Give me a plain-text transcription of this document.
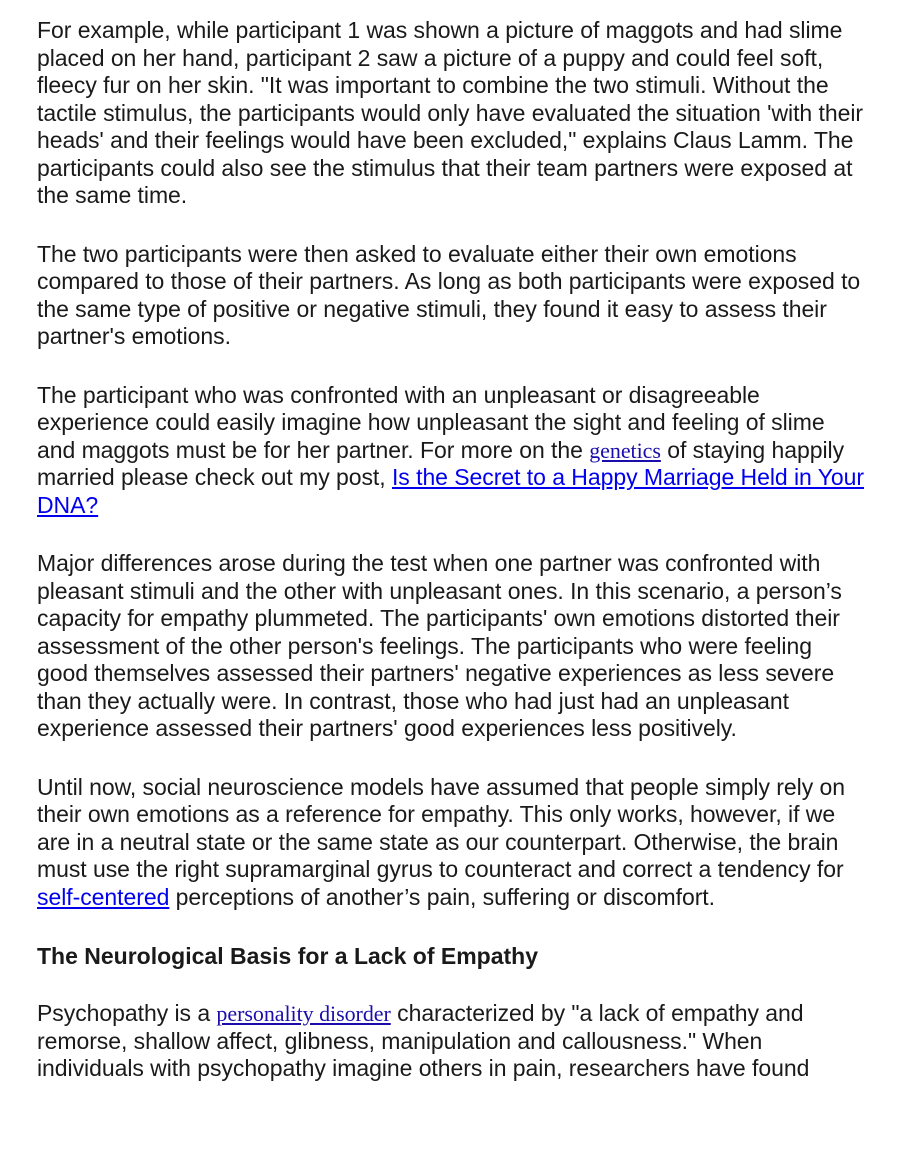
For example, while participant 1 was shown a picture of maggots and had slime placed on her hand, participant 2 saw a picture of a puppy and could feel soft, fleecy fur on her skin. "It was important to combine the two stimuli. Without the tactile stimulus, the participants would only have evaluated the situation 'with their heads' and their feelings would have been excluded," explains Claus Lamm. The participants could also see the stimulus that their team partners were exposed at the same time.

The two participants were then asked to evaluate either their own emotions compared to those of their partners. As long as both participants were exposed to the same type of positive or negative stimuli, they found it easy to assess their partner's emotions.

The participant who was confronted with an unpleasant or disagreeable experience could easily imagine how unpleasant the sight and feeling of slime and maggots must be for her partner. For more on the genetics of staying happily married please check out my post, Is the Secret to a Happy Marriage Held in Your DNA?

Major differences arose during the test when one partner was confronted with pleasant stimuli and the other with unpleasant ones. In this scenario, a person’s capacity for empathy plummeted. The participants' own emotions distorted their assessment of the other person's feelings. The participants who were feeling good themselves assessed their partners' negative experiences as less severe than they actually were. In contrast, those who had just had an unpleasant experience assessed their partners' good experiences less positively.

Until now, social neuroscience models have assumed that people simply rely on their own emotions as a reference for empathy. This only works, however, if we are in a neutral state or the same state as our counterpart. Otherwise, the brain must use the right supramarginal gyrus to counteract and correct a tendency for self-centered perceptions of another’s pain, suffering or discomfort.

The Neurological Basis for a Lack of Empathy

Psychopathy is a personality disorder characterized by "a lack of empathy and remorse, shallow affect, glibness, manipulation and callousness." When individuals with psychopathy imagine others in pain, researchers have found
